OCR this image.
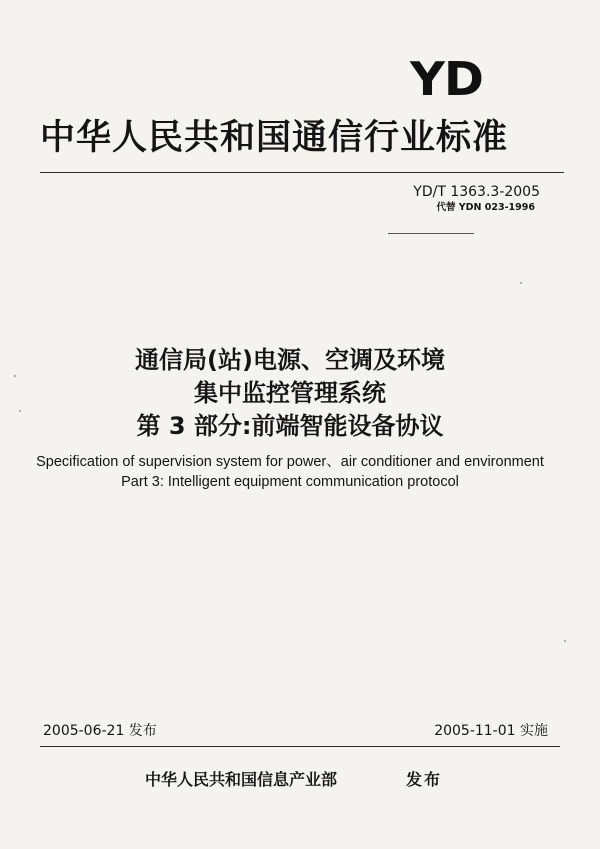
YD
中华人民共和国通信行业标准
YD/T 1363.3-2005
代替 YDN 023-1996
通信局(站)电源、空调及环境
集中监控管理系统
第 3 部分:前端智能设备协议
Specification of supervision system for power、air conditioner and environment
Part 3: Intelligent equipment communication protocol
2005-06-21 发布	2005-11-01 实施
中华人民共和国信息产业部	发布
